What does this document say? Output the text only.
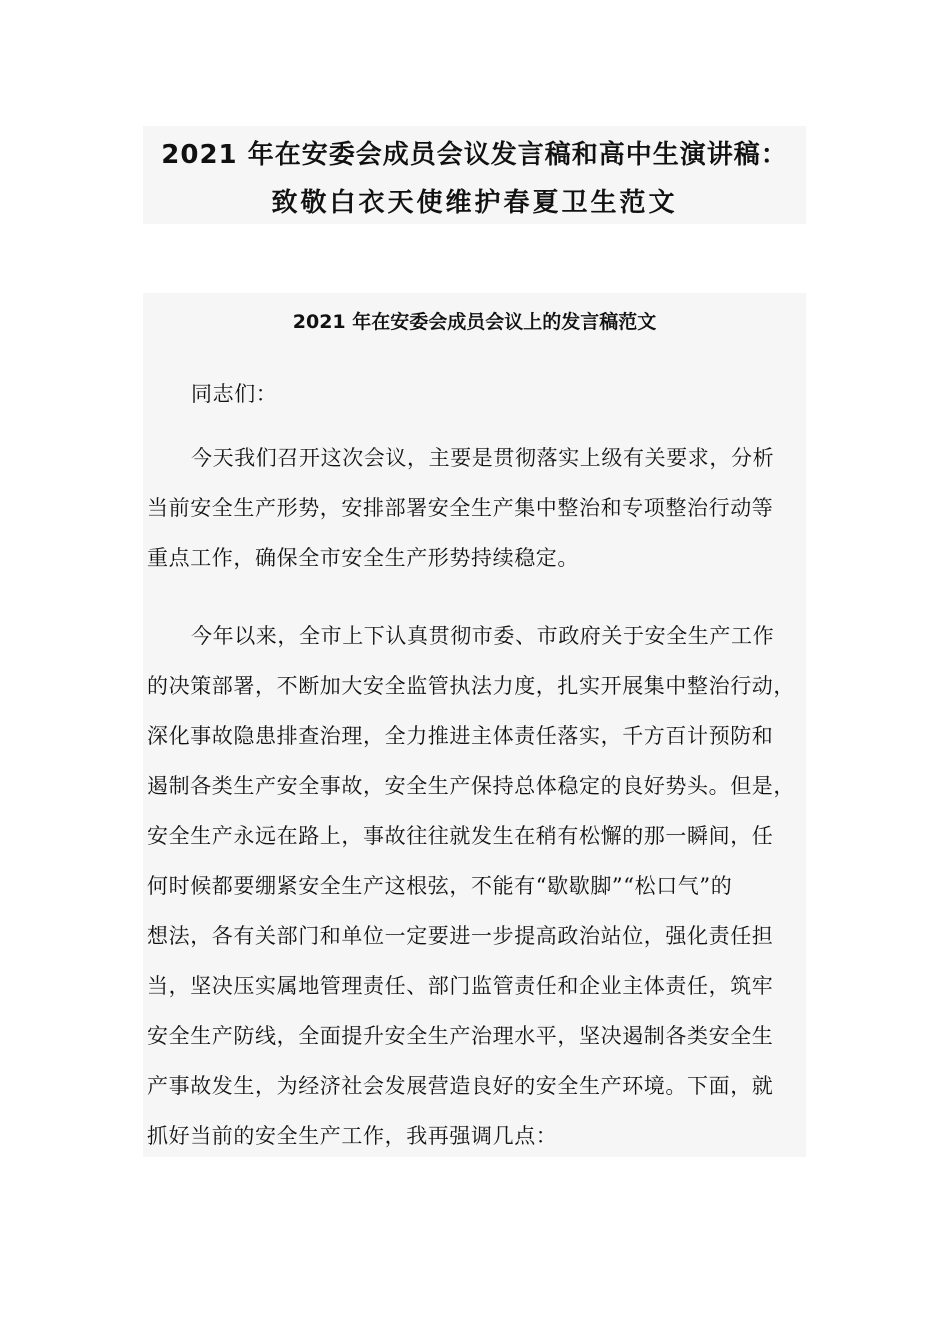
2021 年在安委会成员会议发言稿和高中生演讲稿：
致敬白衣天使维护春夏卫生范文
2021 年在安委会成员会议上的发言稿范文
同志们：
今天我们召开这次会议，主要是贯彻落实上级有关要求，分析
当前安全生产形势，安排部署安全生产集中整治和专项整治行动等
重点工作，确保全市安全生产形势持续稳定。
今年以来，全市上下认真贯彻市委、市政府关于安全生产工作
的决策部署，不断加大安全监管执法力度，扎实开展集中整治行动，
深化事故隐患排查治理，全力推进主体责任落实，千方百计预防和
遏制各类生产安全事故，安全生产保持总体稳定的良好势头。但是，
安全生产永远在路上，事故往往就发生在稍有松懈的那一瞬间，任
何时候都要绷紧安全生产这根弦，不能有“歇歇脚”“松口气”的
想法，各有关部门和单位一定要进一步提高政治站位，强化责任担
当，坚决压实属地管理责任、部门监管责任和企业主体责任，筑牢
安全生产防线，全面提升安全生产治理水平，坚决遏制各类安全生
产事故发生，为经济社会发展营造良好的安全生产环境。下面，就
抓好当前的安全生产工作，我再强调几点：
